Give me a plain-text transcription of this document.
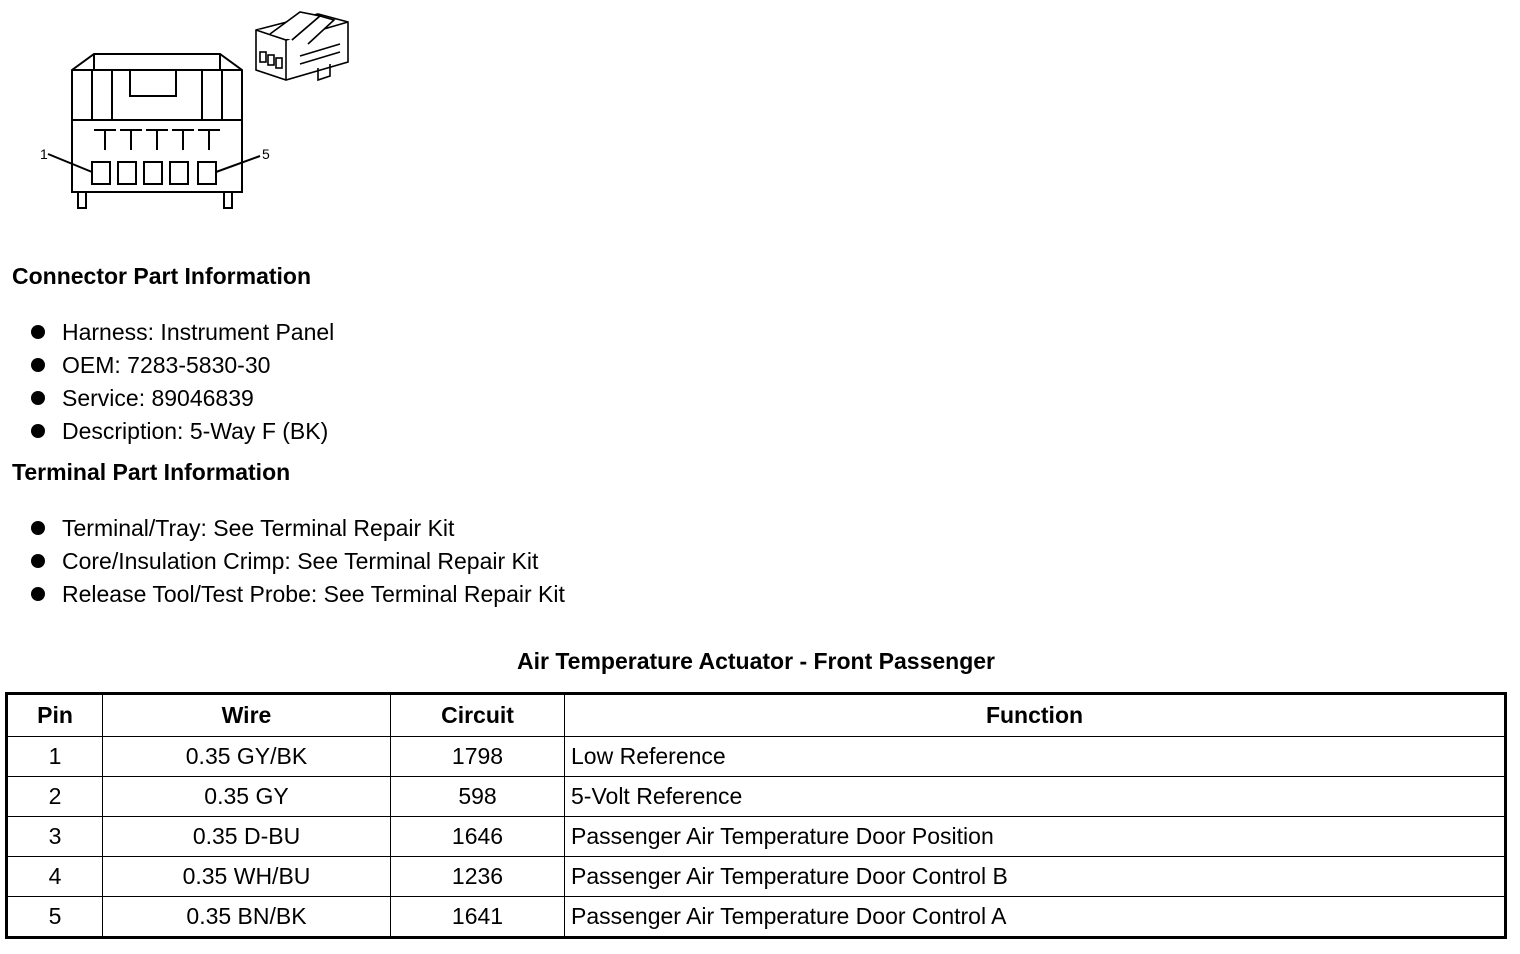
1	5
Connector Part Information
Harness: Instrument Panel
OEM: 7283-5830-30
Service: 89046839
Description: 5-Way F (BK)
Terminal Part Information
Terminal/Tray: See Terminal Repair Kit
Core/Insulation Crimp: See Terminal Repair Kit
Release Tool/Test Probe: See Terminal Repair Kit
Air Temperature Actuator - Front Passenger
Pin	Wire	Circuit	Function
1	0.35 GY/BK	1798	Low Reference
2	0.35 GY	598	5-Volt Reference
3	0.35 D-BU	1646	Passenger Air Temperature Door Position
4	0.35 WH/BU	1236	Passenger Air Temperature Door Control B
5	0.35 BN/BK	1641	Passenger Air Temperature Door Control A
